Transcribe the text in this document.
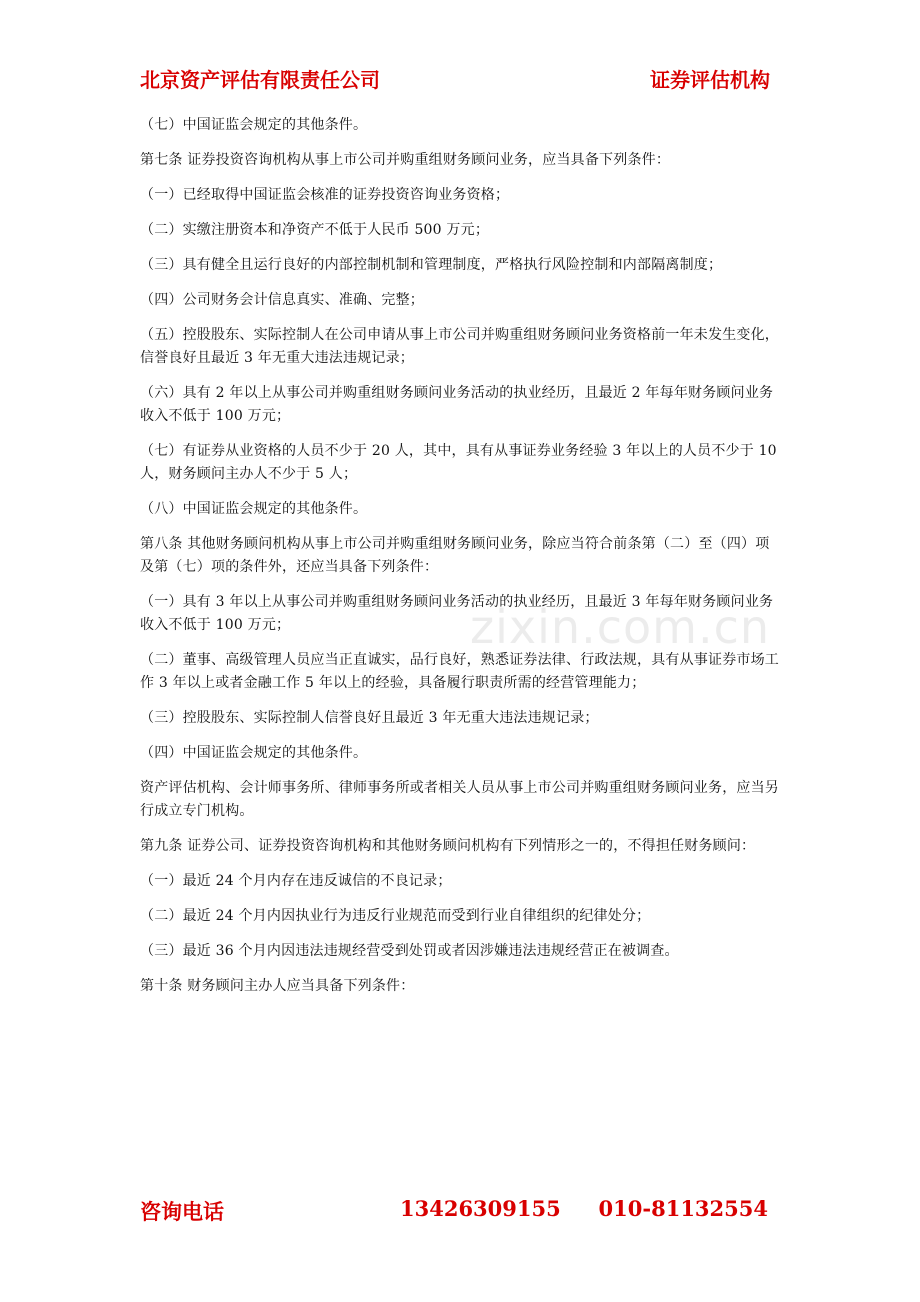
北京资产评估有限责任公司	证券评估机构
zixin.com.cn

（七）中国证监会规定的其他条件。

第七条 证券投资咨询机构从事上市公司并购重组财务顾问业务，应当具备下列条件：

（一）已经取得中国证监会核准的证券投资咨询业务资格；

（二）实缴注册资本和净资产不低于人民币 500 万元；

（三）具有健全且运行良好的内部控制机制和管理制度，严格执行风险控制和内部隔离制度；

（四）公司财务会计信息真实、准确、完整；

（五）控股股东、实际控制人在公司申请从事上市公司并购重组财务顾问业务资格前一年未发生变化，信誉良好且最近 3 年无重大违法违规记录；

（六）具有 2 年以上从事公司并购重组财务顾问业务活动的执业经历，且最近 2 年每年财务顾问业务收入不低于 100 万元；

（七）有证券从业资格的人员不少于 20 人，其中，具有从事证券业务经验 3 年以上的人员不少于 10 人，财务顾问主办人不少于 5 人；

（八）中国证监会规定的其他条件。

第八条 其他财务顾问机构从事上市公司并购重组财务顾问业务，除应当符合前条第（二）至（四）项及第（七）项的条件外，还应当具备下列条件：

（一）具有 3 年以上从事公司并购重组财务顾问业务活动的执业经历，且最近 3 年每年财务顾问业务收入不低于 100 万元；

（二）董事、高级管理人员应当正直诚实，品行良好，熟悉证券法律、行政法规，具有从事证券市场工作 3 年以上或者金融工作 5 年以上的经验，具备履行职责所需的经营管理能力；

（三）控股股东、实际控制人信誉良好且最近 3 年无重大违法违规记录；

（四）中国证监会规定的其他条件。

资产评估机构、会计师事务所、律师事务所或者相关人员从事上市公司并购重组财务顾问业务，应当另行成立专门机构。

第九条 证券公司、证券投资咨询机构和其他财务顾问机构有下列情形之一的，不得担任财务顾问：

（一）最近 24 个月内存在违反诚信的不良记录；

（二）最近 24 个月内因执业行为违反行业规范而受到行业自律组织的纪律处分；

（三）最近 36 个月内因违法违规经营受到处罚或者因涉嫌违法违规经营正在被调查。

第十条 财务顾问主办人应当具备下列条件：

咨询电话	13426309155 010-81132554
